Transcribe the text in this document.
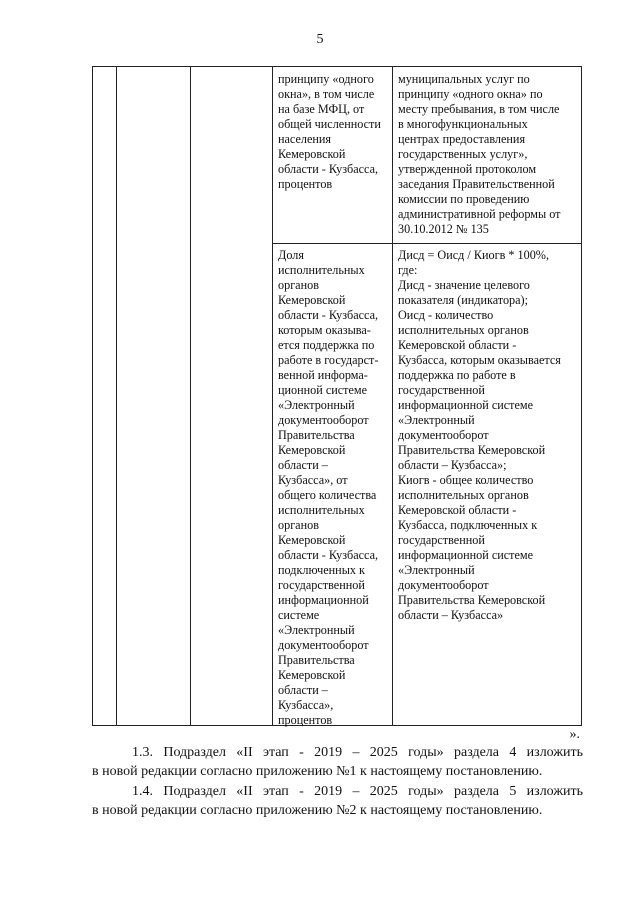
5
принципу «одного
окна», в том числе
на базе МФЦ, от
общей численности
населения
Кемеровской
области - Кузбасса,
процентов
муниципальных услуг по
принципу «одного окна» по
месту пребывания, в том числе
в многофункциональных
центрах предоставления
государственных услуг»,
утвержденной протоколом
заседания Правительственной
комиссии по проведению
административной реформы от
30.10.2012 № 135
Доля
исполнительных
органов
Кемеровской
области - Кузбасса,
которым оказыва-
ется поддержка по
работе в государст-
венной информа-
ционной системе
«Электронный
документооборот
Правительства
Кемеровской
области –
Кузбасса», от
общего количества
исполнительных
органов
Кемеровской
области - Кузбасса,
подключенных к
государственной
информационной
системе
«Электронный
документооборот
Правительства
Кемеровской
области –
Кузбасса»,
процентов
Дисд = Оисд / Киогв * 100%,
где:
Дисд - значение целевого
показателя (индикатора);
Оисд - количество
исполнительных органов
Кемеровской области -
Кузбасса, которым оказывается
поддержка по работе в
государственной
информационной системе
«Электронный
документооборот
Правительства Кемеровской
области – Кузбасса»;
Киогв - общее количество
исполнительных органов
Кемеровской области -
Кузбасса, подключенных к
государственной
информационной системе
«Электронный
документооборот
Правительства Кемеровской
области – Кузбасса»
».
1.3. Подраздел «II этап - 2019 – 2025 годы» раздела 4 изложить
в новой редакции согласно приложению №1 к настоящему постановлению.
1.4. Подраздел «II этап - 2019 – 2025 годы» раздела 5 изложить
в новой редакции согласно приложению №2 к настоящему постановлению.
